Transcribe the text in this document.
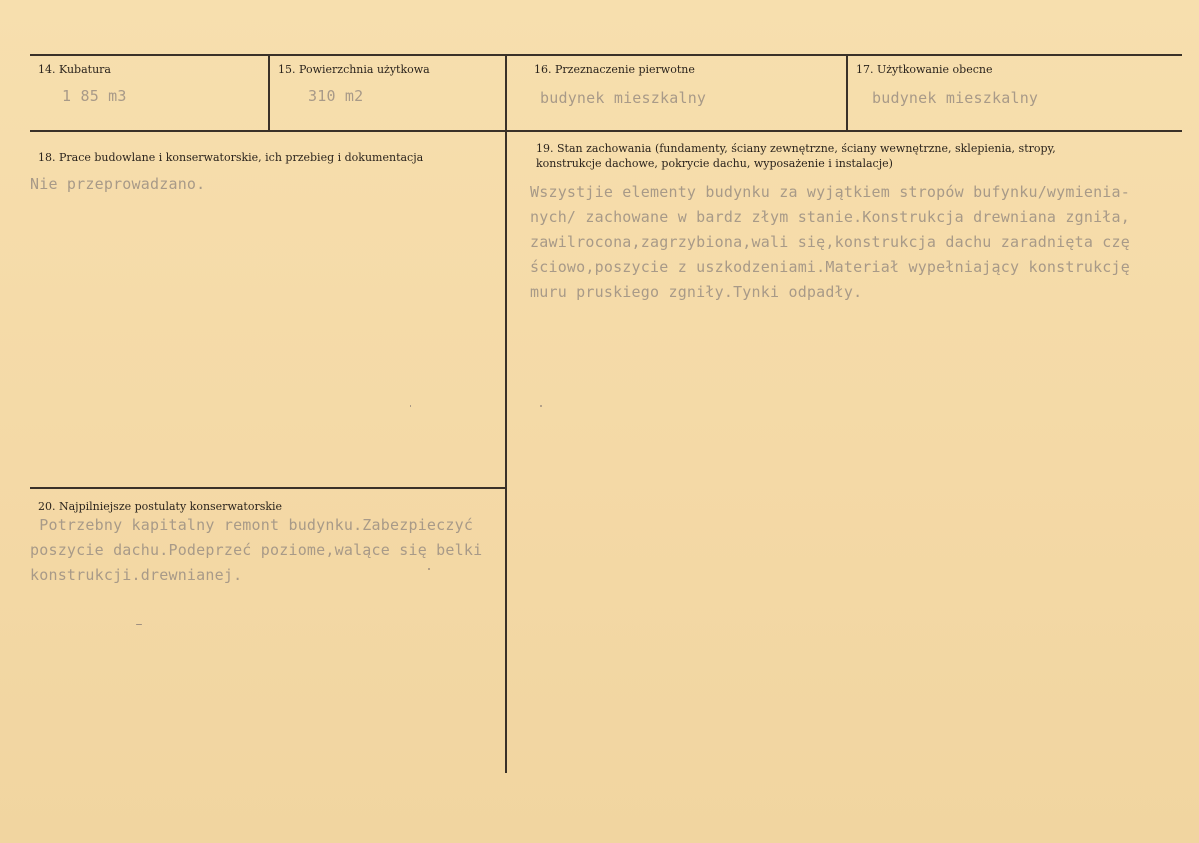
14. Kubatura
1 85 m3
15. Powierzchnia użytkowa
310 m2
16. Przeznaczenie pierwotne
budynek mieszkalny
17. Użytkowanie obecne
budynek mieszkalny
18. Prace budowlane i konserwatorskie, ich przebieg i dokumentacja
Nie przeprowadzano.
19. Stan zachowania (fundamenty, ściany zewnętrzne, ściany wewnętrzne, sklepienia, stropy,
konstrukcje dachowe, pokrycie dachu, wyposażenie i instalacje)
Wszystjie elementy budynku za wyjątkiem stropów bufynku/wymienia-
nych/ zachowane w bardz złym stanie.Konstrukcja drewniana zgniła,
zawilrocona,zagrzybiona,wali się,konstrukcja dachu zaradnięta czę
ściowo,poszycie z uszkodzeniami.Materiał wypełniający konstrukcję
muru pruskiego zgniły.Tynki odpadły.
20. Najpilniejsze postulaty konserwatorskie
Potrzebny kapitalny remont budynku.Zabezpieczyć
poszycie dachu.Podeprzeć poziome,walące się belki
konstrukcji.drewnianej.
